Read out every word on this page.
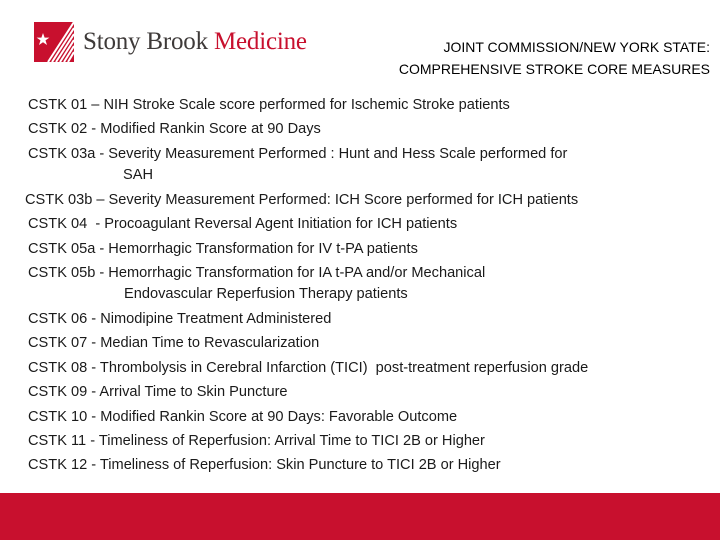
Stony Brook Medicine	JOINT COMMISSION/NEW YORK STATE:
COMPREHENSIVE STROKE CORE MEASURES
CSTK 01 – NIH Stroke Scale score performed for Ischemic Stroke patients
CSTK 02 - Modified Rankin Score at 90 Days
CSTK 03a - Severity Measurement Performed : Hunt and Hess Scale performed for
SAH
CSTK 03b – Severity Measurement Performed: ICH Score performed for ICH patients
CSTK 04  - Procoagulant Reversal Agent Initiation for ICH patients
CSTK 05a - Hemorrhagic Transformation for IV t-PA patients
CSTK 05b - Hemorrhagic Transformation for IA t-PA and/or Mechanical
Endovascular Reperfusion Therapy patients
CSTK 06 - Nimodipine Treatment Administered
CSTK 07 - Median Time to Revascularization
CSTK 08 - Thrombolysis in Cerebral Infarction (TICI)  post-treatment reperfusion grade
CSTK 09 - Arrival Time to Skin Puncture
CSTK 10 - Modified Rankin Score at 90 Days: Favorable Outcome
CSTK 11 - Timeliness of Reperfusion: Arrival Time to TICI 2B or Higher
CSTK 12 - Timeliness of Reperfusion: Skin Puncture to TICI 2B or Higher
